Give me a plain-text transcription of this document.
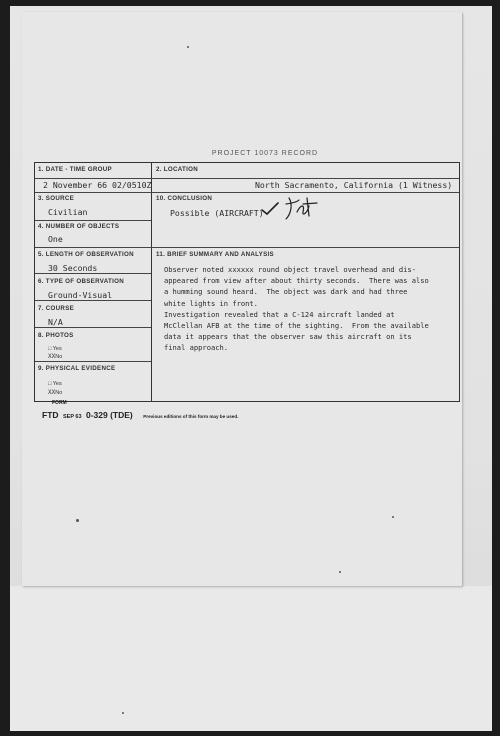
PROJECT 10073 RECORD
1. DATE - TIME GROUP
2 November 66 02/0510Z
2. LOCATION
North Sacramento, California (1 Witness)
3. SOURCE
Civilian
10. CONCLUSION
Possible (AIRCRAFT)
4. NUMBER OF OBJECTS
One
5. LENGTH OF OBSERVATION
30 Seconds
11. BRIEF SUMMARY AND ANALYSIS
Observer noted xxxxxx round object travel overhead and dis-
appeared from view after about thirty seconds.  There was also
a humming sound heard.  The object was dark and had three
white lights in front.
Investigation revealed that a C-124 aircraft landed at
McClellan AFB at the time of the sighting.  From the available
data it appears that the observer saw this aircraft on its
final approach.
6. TYPE OF OBSERVATION
Ground-Visual
7. COURSE
N/A
8. PHOTOS
□ Yes
XXNo
9. PHYSICAL EVIDENCE
□ Yes
XXNo
FORM
FTD SEP 63 0-329 (TDE) Previous editions of this form may be used.
